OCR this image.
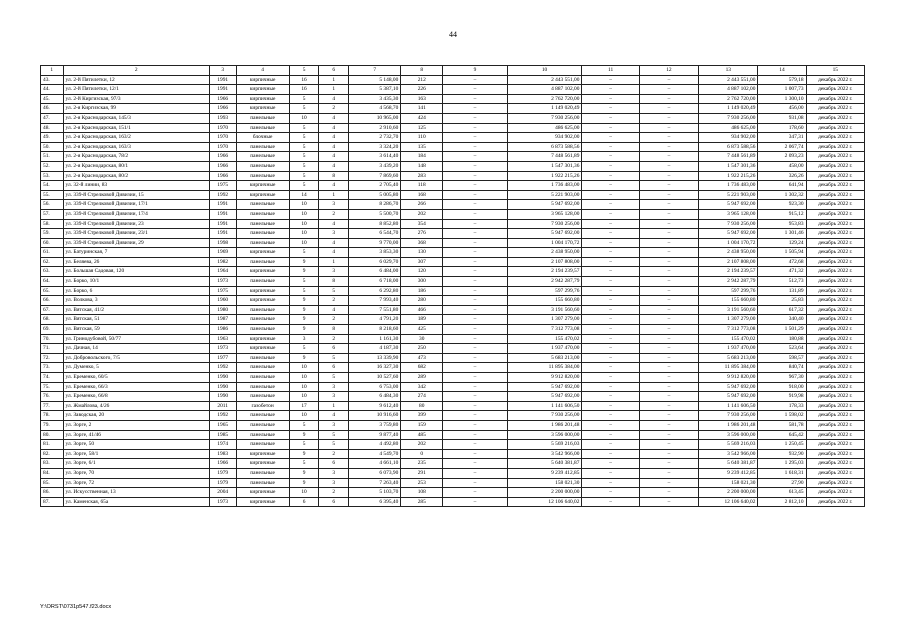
44
1	2	3	4	5	6	7	8	9	10	11	12	13	14	15
43.	ул. 2-й Пятилетки, 12	1991	кирпичные	16	1	5 148,00	212	–	2 443 551,00	–	–	2 443 551,00	579,18	декабрь 2022 г.
44.	ул. 2-й Пятилетки, 12/1	1991	кирпичные	16	1	5 387,10	226	–	4 887 102,00	–	–	4 887 102,00	1 007,73	декабрь 2022 г.
45.	ул. 2-й Киргизская, 97/3	1966	кирпичные	5	4	3 435,30	163	–	2 762 720,00	–	–	2 762 720,00	1 300,10	декабрь 2022 г.
46.	ул. 2-я Киргизская, 99	1966	кирпичные	5	2	4 568,70	141	–	1 149 020,49	–	–	1 149 020,49	456,00	декабрь 2022 г.
47.	ул. 2-я Краснодарская, 145/3	1993	панельные	10	4	10 965,00	424	–	7 930 256,00	–	–	7 930 256,00	931,08	декабрь 2022 г.
48.	ул. 2-я Краснодарская, 151/1	1970	панельные	5	4	2 910,60	125	–	486 625,00	–	–	486 625,00	178,60	декабрь 2022 г.
49.	ул. 2-я Краснодарская, 163/2	1970	блочные	5	4	2 732,70	110	–	934 902,00	–	–	934 902,00	347,31	декабрь 2022 г.
50.	ул. 2-я Краснодарская, 163/3	1970	панельные	5	4	3 324,20	135	–	6 873 588,56	–	–	6 873 588,56	2 067,74	декабрь 2022 г.
51.	ул. 2-я Краснодарская, 78/2	1966	панельные	5	4	3 614,40	184	–	7 448 561,89	–	–	7 448 561,89	2 093,23	декабрь 2022 г.
52.	ул. 2-я Краснодарская, 80/1	1966	панельные	5	4	3 439,20	148	–	1 547 301,36	–	–	1 547 301,36	458,00	декабрь 2022 г.
53.	ул. 2-я Краснодарская, 80/2	1966	панельные	5	8	7 869,60	283	–	1 922 215,26	–	–	1 922 215,26	326,26	декабрь 2022 г.
54.	ул. 32-й линии, 83	1975	кирпичные	5	4	2 705,40	118	–	1 736 483,00	–	–	1 736 483,00	641,94	декабрь 2022 г.
55.	ул. 339-й Стрелковой Дивизии, 15	1992	кирпичные	14	1	5 005,80	168	–	5 221 903,00	–	–	5 221 903,00	1 302,32	декабрь 2022 г.
56.	ул. 339-й Стрелковой Дивизии, 17/1	1991	панельные	10	3	8 286,70	266	–	5 947 692,00	–	–	5 947 692,00	923,30	декабрь 2022 г.
57.	ул. 339-й Стрелковой Дивизии, 17/4	1991	панельные	10	2	5 500,70	202	–	3 965 128,00	–	–	3 965 128,00	915,12	декабрь 2022 г.
58.	ул. 339-й Стрелковой Дивизии, 23	1991	панельные	10	4	8 852,80	354	–	7 930 256,00	–	–	7 930 256,00	953,83	декабрь 2022 г.
59.	ул. 339-й Стрелковой Дивизии, 23/1	1991	панельные	10	3	6 544,70	276	–	5 947 692,00	–	–	5 947 692,00	1 301,46	декабрь 2022 г.
60.	ул. 339-й Стрелковой Дивизии, 29	1998	панельные	10	4	9 770,00	368	–	1 004 170,72	–	–	1 004 170,72	129,24	декабрь 2022 г.
61.	ул. Батуринская, 7	1969	кирпичные	5	4	3 853,30	130	–	2 438 950,00	–	–	2 438 950,00	1 505,94	декабрь 2022 г.
62.	ул. Беляева, 26	1982	панельные	9	1	6 029,70	307	–	2 107 808,00	–	–	2 107 808,00	472,68	декабрь 2022 г.
63.	ул. Большая Садовая, 120	1964	кирпичные	9	3	6 484,00	120	–	2 194 239,57	–	–	2 194 239,57	471,32	декабрь 2022 г.
64.	ул. Борко, 10/1	1973	панельные	5	8	6 718,00	300	–	2 942 287,79	–	–	2 942 287,79	512,73	декабрь 2022 г.
65.	ул. Борко, 6	1975	кирпичные	5	5	6 292,80	186	–	597 299,76	–	–	597 299,76	131,89	декабрь 2022 г.
66.	ул. Волкова, 3	1960	кирпичные	9	2	7 993,40	280	–	155 660,80	–	–	155 660,80	25,83	декабрь 2022 г.
67.	ул. Вятская, 41/2	1980	панельные	9	4	7 551,80	466	–	3 191 560,60	–	–	3 191 560,60	617,32	декабрь 2022 г.
68.	ул. Вятская, 51	1987	панельные	9	2	4 791,20	189	–	1 307 279,00	–	–	1 307 279,00	340,40	декабрь 2022 г.
69.	ул. Вятская, 59	1986	панельные	9	8	8 218,60	425	–	7 312 773,08	–	–	7 312 773,08	1 501,29	декабрь 2022 г.
70.	ул. Гринодубовой, 50/77	1963	кирпичные	3	2	1 161,30	30	–	155 470,02	–	–	155 470,02	180,88	декабрь 2022 г.
71.	ул. Дачная, 14	1973	кирпичные	5	6	4 187,30	250	–	1 937 470,00	–	–	1 937 470,00	523,64	декабрь 2022 г.
72.	ул. Добровольского, 7/5	1977	панельные	9	5	13 339,90	473	–	5 683 213,00	–	–	5 683 213,00	598,57	декабрь 2022 г.
73.	ул. Думенко, 5	1992	панельные	10	6	16 327,30	682	–	11 895 384,00	–	–	11 895 384,00	840,74	декабрь 2022 г.
74.	ул. Еременко, 60/5	1990	панельные	10	5	10 527,60	289	–	9 912 820,00	–	–	9 912 820,00	967,30	декабрь 2022 г.
75.	ул. Еременко, 66/3	1990	панельные	10	3	6 753,00	342	–	5 947 692,00	–	–	5 947 692,00	918,00	декабрь 2022 г.
76.	ул. Еременко, 66/8	1990	панельные	10	3	6 484,30	274	–	5 947 692,00	–	–	5 947 692,00	919,98	декабрь 2022 г.
77.	ул. Жмайлова, 4/26	2011	газобетон	17	1	9 612,40	80	–	1 141 606,50	–	–	1 141 606,50	178,33	декабрь 2022 г.
78.	ул. Заводская, 20	1992	панельные	10	4	10 916,60	399	–	7 930 256,00	–	–	7 930 256,00	1 598,02	декабрь 2022 г.
79.	ул. Зорге, 2	1965	панельные	5	3	3 759,80	159	–	1 986 201,48	–	–	1 986 201,48	581,78	декабрь 2022 г.
80.	ул. Зорге, 41/46	1985	панельные	9	5	9 877,40	485	–	3 596 000,00	–	–	3 596 000,00	645,42	декабрь 2022 г.
81.	ул. Зорге, 50	1974	панельные	5	5	4 492,80	202	–	5 569 216,03	–	–	5 569 216,03	1 250,45	декабрь 2022 г.
82.	ул. Зорге, 58/1	1983	кирпичные	9	2	4 549,70	0	–	3 542 966,00	–	–	3 542 966,00	932,90	декабрь 2022 г.
83.	ул. Зорге, 6/1	1966	кирпичные	5	6	4 661,10	235	–	5 640 381,87	–	–	5 640 381,87	1 295,03	декабрь 2022 г.
84.	ул. Зорге, 70	1979	панельные	9	3	6 073,90	291	–	9 239 412,85	–	–	9 239 412,85	1 618,31	декабрь 2022 г.
85.	ул. Зорге, 72	1979	панельные	9	3	7 263,40	253	–	158 021,30	–	–	158 021,30	27,90	декабрь 2022 г.
86.	ул. Искусственная, 13	2004	кирпичные	10	2	5 103,70	108	–	2 200 000,00	–	–	2 200 000,00	613,45	декабрь 2022 г.
87.	ул. Каменская, 65а	1973	кирпичные	6	6	6 395,40	285	–	12 106 640,02	–	–	12 106 640,02	2 812,10	декабрь 2022 г.
Y:\ORST\0731p547.f23.docx
